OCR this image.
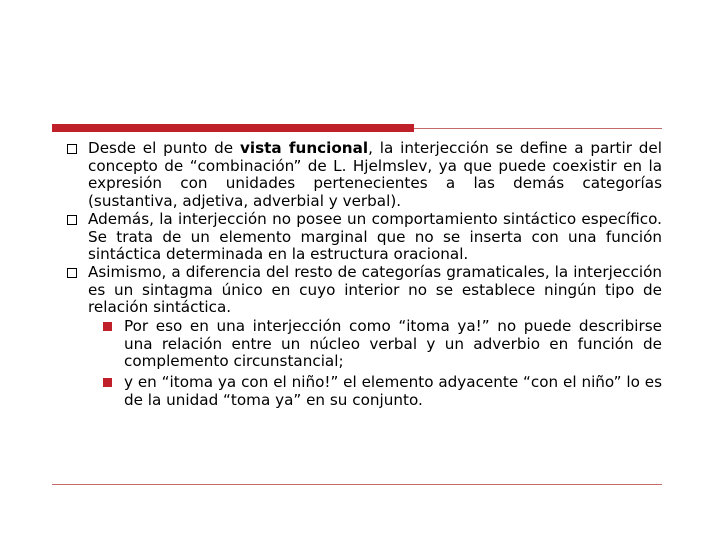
Desde el punto de vista funcional, la interjección se define a partir del concepto de “combinación” de L. Hjelmslev, ya que puede coexistir en la expresión con unidades pertenecientes a las demás categorías (sustantiva, adjetiva, adverbial y verbal).

Además, la interjección no posee un comportamiento sintáctico específico. Se trata de un elemento marginal que no se inserta con una función sintáctica determinada en la estructura oracional.

Asimismo, a diferencia del resto de categorías gramaticales, la interjección es un sintagma único en cuyo interior no se establece ningún tipo de relación sintáctica.

Por eso en una interjección como “itoma ya!” no puede describirse una relación entre un núcleo verbal y un adverbio en función de complemento circunstancial;

y en “itoma ya con el niño!” el elemento adyacente “con el niño” lo es de la unidad “toma ya” en su conjunto.
